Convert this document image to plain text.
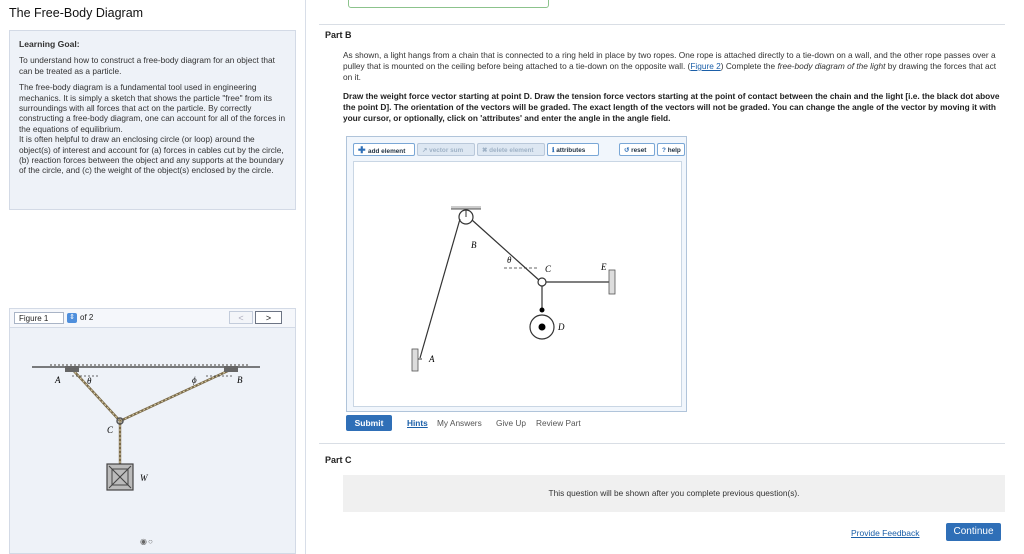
The Free-Body Diagram
Learning Goal:

To understand how to construct a free-body diagram for an object that can be treated as a particle.

The free-body diagram is a fundamental tool used in engineering mechanics. It is simply a sketch that shows the particle "free" from its surroundings with all forces that act on the particle. By correctly constructing a free-body diagram, one can account for all of the forces in the equations of equilibrium.

It is often helpful to draw an enclosing circle (or loop) around the object(s) of interest and account for (a) forces in cables cut by the circle, (b) reaction forces between the object and any supports at the boundary of the circle, and (c) the weight of the object(s) enclosed by the circle.

Figure 1	⇕ of 2	<	>
A	θ	ϕ	B
C
W
◉○
Part B
As shown, a light hangs from a chain that is connected to a ring held in place by two ropes. One rope is attached directly to a tie-down on a wall, and the other rope passes over a pulley that is mounted on the ceiling before being attached to a tie-down on the opposite wall. (Figure 2) Complete the free-body diagram of the light by drawing the forces that act on it.
Draw the weight force vector starting at point D. Draw the tension force vectors starting at the point of contact between the chain and the light [i.e. the black dot above the point D]. The orientation of the vectors will be graded. The exact length of the vectors will not be graded. You can change the angle of the vector by moving it with your cursor, or optionally, click on 'attributes' and enter the angle in the angle field.
✚ add element	↗ vector sum	✖ delete element	ℹ attributes	↺ reset	? help
B
θ
C	E
D
A
Submit	Hints My Answers Give Up Review Part
Part C
This question will be shown after you complete previous question(s).
Provide Feedback	Continue
